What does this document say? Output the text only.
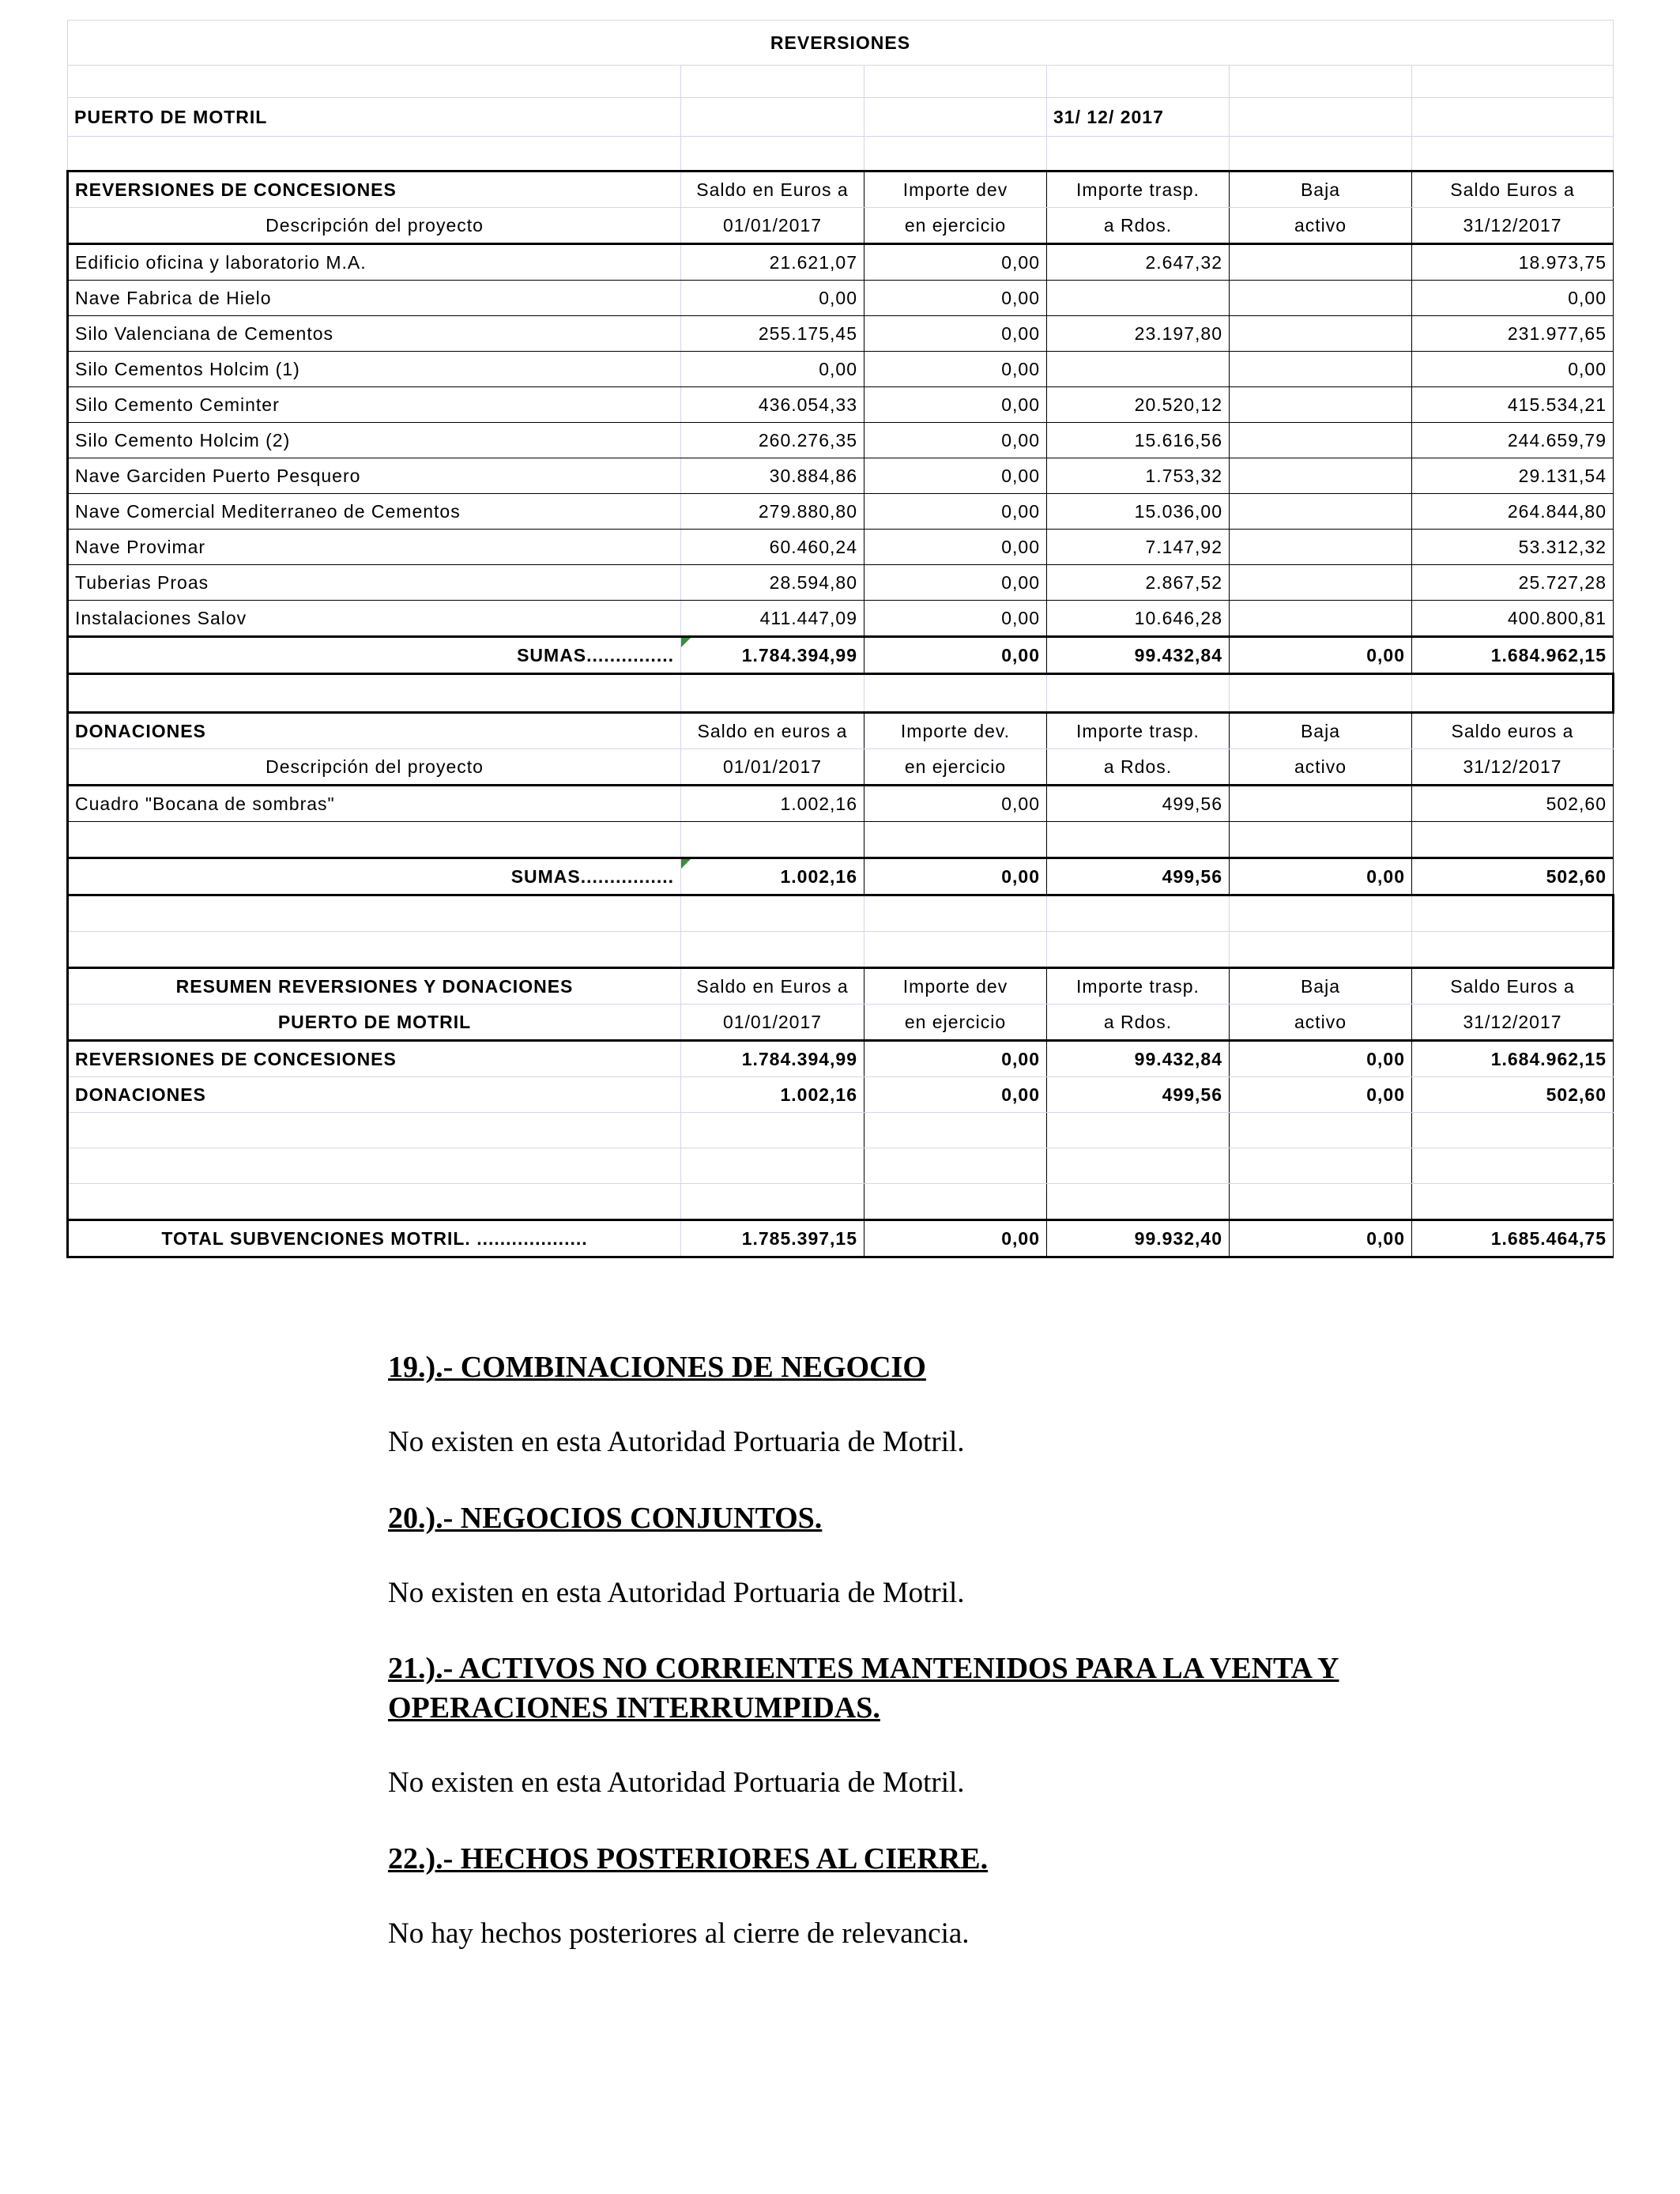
REVERSIONES					

PUERTO DE MOTRIL			31/ 12/ 2017		

REVERSIONES DE CONCESIONES	Saldo en Euros a	Importe dev	Importe trasp.	Baja	Saldo Euros a
Descripción del proyecto	01/01/2017	en ejercicio	a Rdos.	activo	31/12/2017
Edificio oficina y laboratorio M.A.	21.621,07	0,00	2.647,32		18.973,75
Nave Fabrica de Hielo	0,00	0,00			0,00
Silo Valenciana de Cementos	255.175,45	0,00	23.197,80		231.977,65
Silo Cementos Holcim (1)	0,00	0,00			0,00
Silo Cemento Ceminter	436.054,33	0,00	20.520,12		415.534,21
Silo Cemento Holcim (2)	260.276,35	0,00	15.616,56		244.659,79
Nave Garciden Puerto Pesquero	30.884,86	0,00	1.753,32		29.131,54
Nave Comercial Mediterraneo de Cementos	279.880,80	0,00	15.036,00		264.844,80
Nave Provimar	60.460,24	0,00	7.147,92		53.312,32
Tuberias Proas	28.594,80	0,00	2.867,52		25.727,28
Instalaciones Salov	411.447,09	0,00	10.646,28		400.800,81
SUMAS...............	1.784.394,99	0,00	99.432,84	0,00	1.684.962,15

DONACIONES	Saldo en euros a	Importe dev.	Importe trasp.	Baja	Saldo euros a
Descripción del proyecto	01/01/2017	en ejercicio	a Rdos.	activo	31/12/2017
Cuadro "Bocana de sombras"	1.002,16	0,00	499,56		502,60

SUMAS................	1.002,16	0,00	499,56	0,00	502,60

RESUMEN REVERSIONES Y DONACIONES	Saldo en Euros a	Importe dev	Importe trasp.	Baja	Saldo Euros a
PUERTO DE MOTRIL	01/01/2017	en ejercicio	a Rdos.	activo	31/12/2017
REVERSIONES DE CONCESIONES	1.784.394,99	0,00	99.432,84	0,00	1.684.962,15
DONACIONES	1.002,16	0,00	499,56	0,00	502,60

TOTAL SUBVENCIONES MOTRIL. ...................	1.785.397,15	0,00	99.932,40	0,00	1.685.464,75

19.).- COMBINACIONES DE NEGOCIO

No existen en esta Autoridad Portuaria de Motril.

20.).- NEGOCIOS CONJUNTOS.

No existen en esta Autoridad Portuaria de Motril.

21.).- ACTIVOS NO CORRIENTES MANTENIDOS PARA LA VENTA Y OPERACIONES INTERRUMPIDAS.

No existen en esta Autoridad Portuaria de Motril.

22.).- HECHOS POSTERIORES AL CIERRE.

No hay hechos posteriores al cierre de relevancia.
